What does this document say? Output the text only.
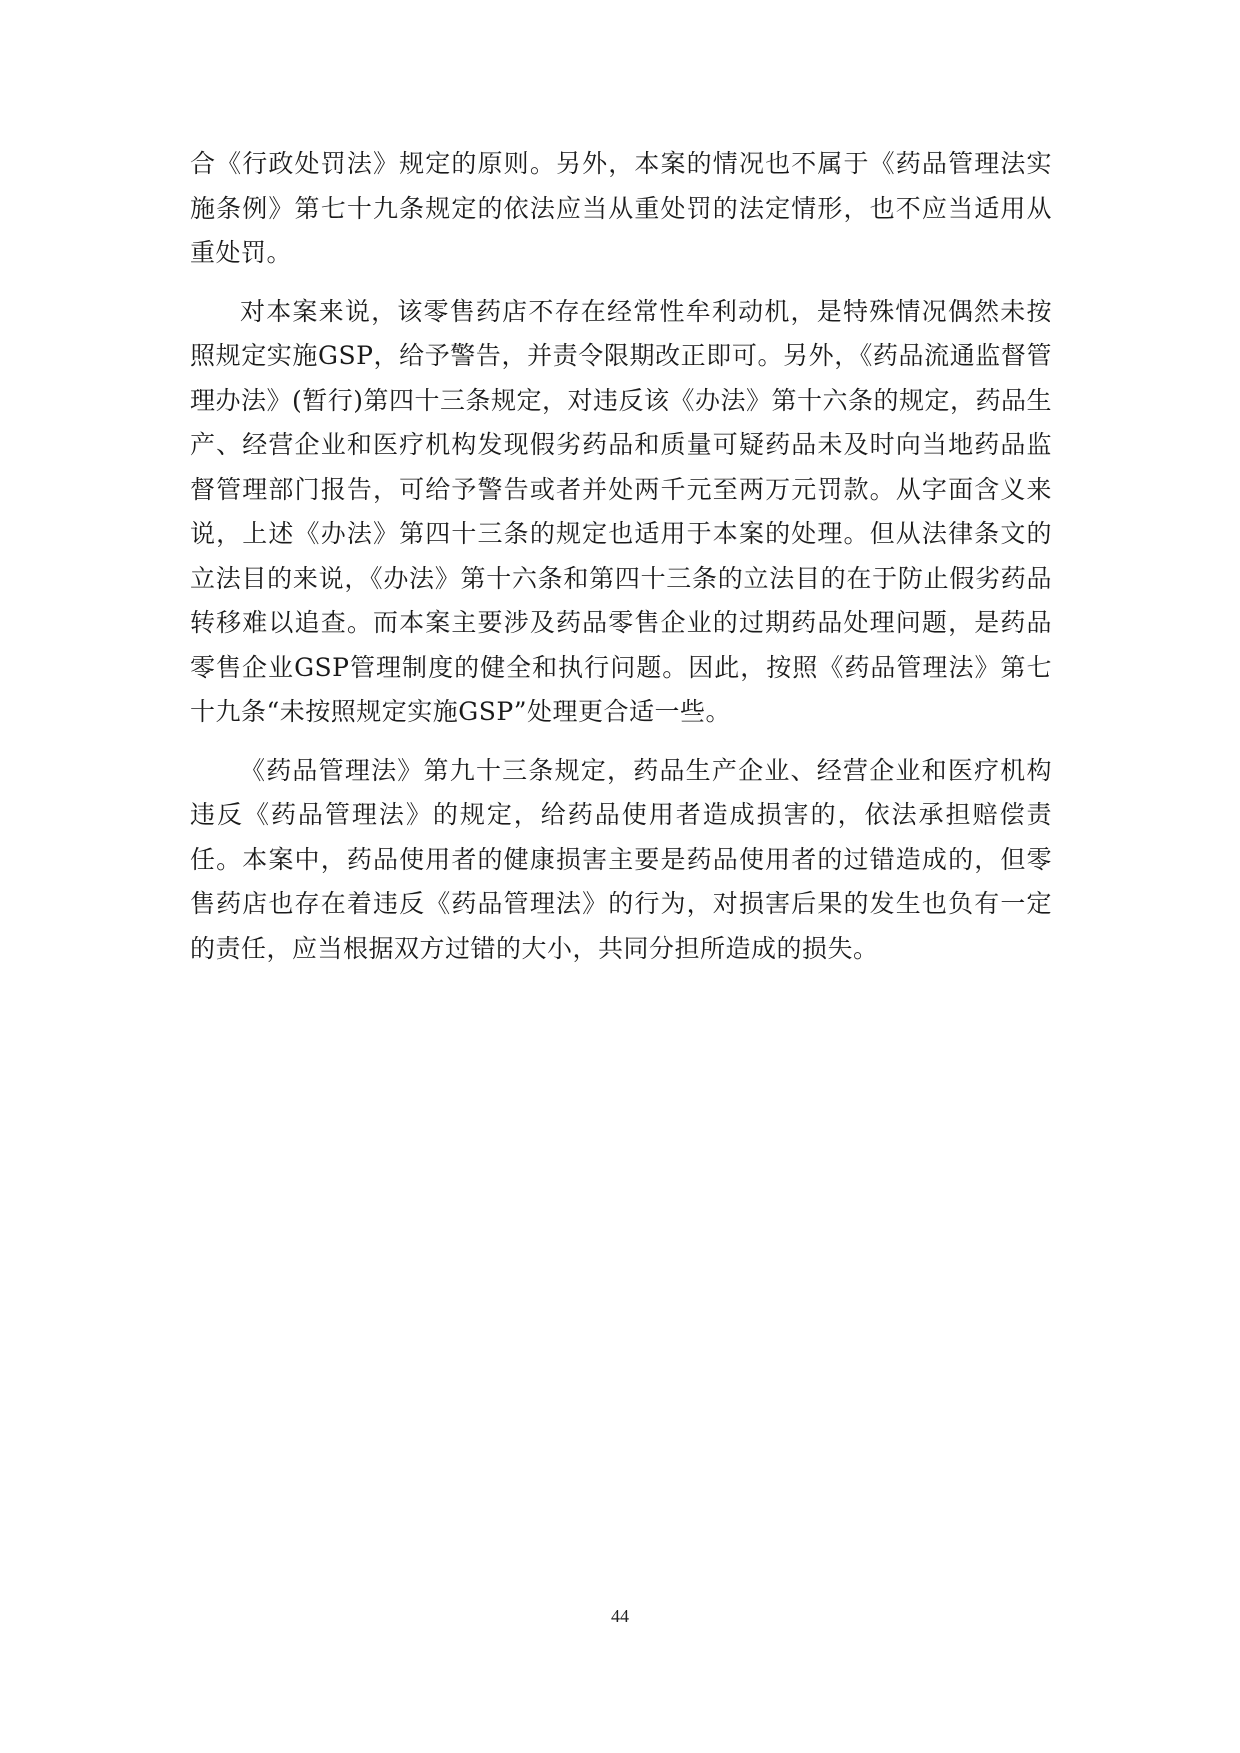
合《行政处罚法》规定的原则。另外，本案的情况也不属于《药品管理法实施条例》第七十九条规定的依法应当从重处罚的法定情形，也不应当适用从重处罚。

对本案来说，该零售药店不存在经常性牟利动机，是特殊情况偶然未按照规定实施GSP，给予警告，并责令限期改正即可。另外，《药品流通监督管理办法》(暂行)第四十三条规定，对违反该《办法》第十六条的规定，药品生产、经营企业和医疗机构发现假劣药品和质量可疑药品未及时向当地药品监督管理部门报告，可给予警告或者并处两千元至两万元罚款。从字面含义来说，上述《办法》第四十三条的规定也适用于本案的处理。但从法律条文的立法目的来说，《办法》第十六条和第四十三条的立法目的在于防止假劣药品转移难以追查。而本案主要涉及药品零售企业的过期药品处理问题，是药品零售企业GSP管理制度的健全和执行问题。因此，按照《药品管理法》第七十九条“未按照规定实施GSP”处理更合适一些。

《药品管理法》第九十三条规定，药品生产企业、经营企业和医疗机构违反《药品管理法》的规定，给药品使用者造成损害的，依法承担赔偿责任。本案中，药品使用者的健康损害主要是药品使用者的过错造成的，但零售药店也存在着违反《药品管理法》的行为，对损害后果的发生也负有一定的责任，应当根据双方过错的大小，共同分担所造成的损失。

44
